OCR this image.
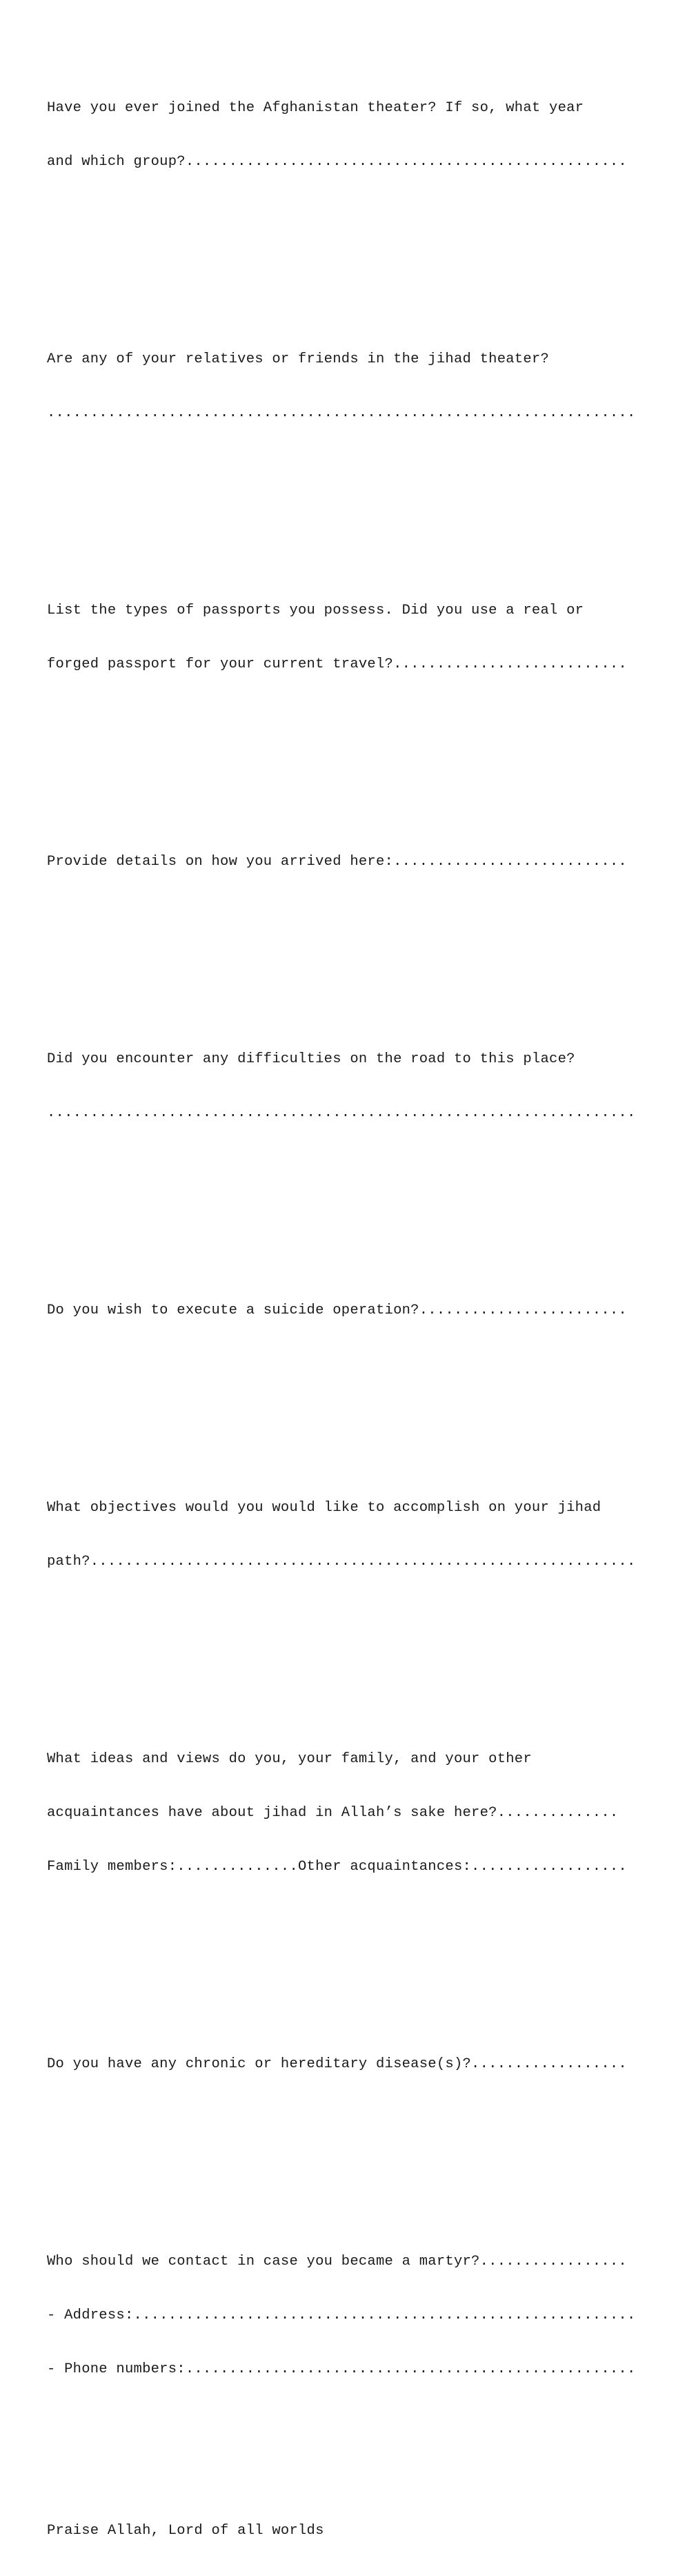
Have you ever joined the Afghanistan theater? If so, what year

and which group?...................................................

Are any of your relatives or friends in the jihad theater?

....................................................................

List the types of passports you possess. Did you use a real or

forged passport for your current travel?...........................

Provide details on how you arrived here:...........................

Did you encounter any difficulties on the road to this place?

....................................................................

Do you wish to execute a suicide operation?........................

What objectives would you would like to accomplish on your jihad

path?...............................................................

What ideas and views do you, your family, and your other

acquaintances have about jihad in Allah’s sake here?..............

Family members:..............Other acquaintances:..................

Do you have any chronic or hereditary disease(s)?..................

Who should we contact in case you became a martyr?.................

- Address:..........................................................

- Phone numbers:....................................................

Praise Allah, Lord of all worlds
